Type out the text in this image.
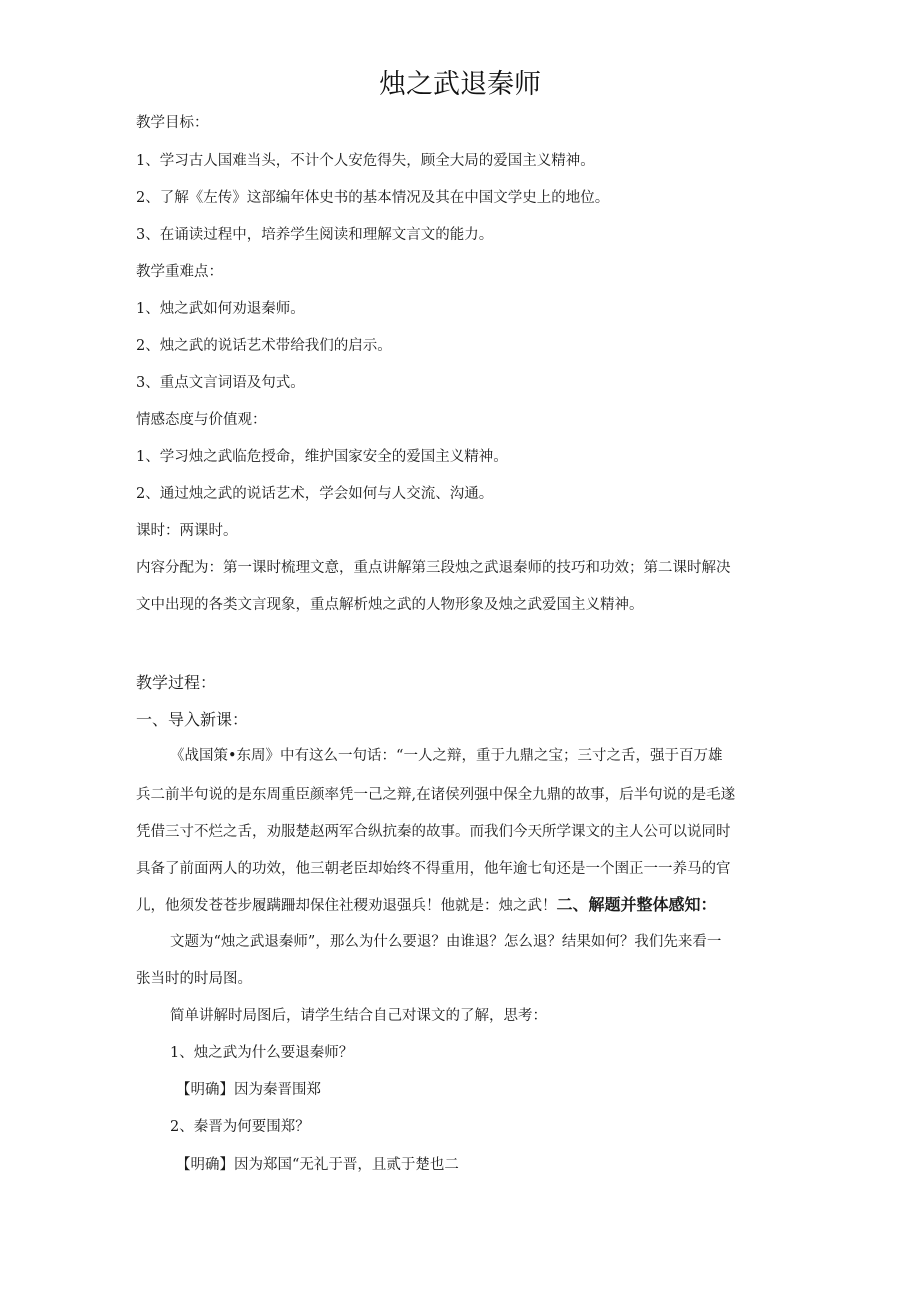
烛之武退秦师
教学目标：
1、学习古人国难当头，不计个人安危得失，顾全大局的爱国主义精神。
2、了解《左传》这部编年体史书的基本情况及其在中国文学史上的地位。
3、在诵读过程中，培养学生阅读和理解文言文的能力。
教学重难点：
1、烛之武如何劝退秦师。
2、烛之武的说话艺术带给我们的启示。
3、重点文言词语及句式。
情感态度与价值观：
1、学习烛之武临危授命，维护国家安全的爱国主义精神。
2、通过烛之武的说话艺术，学会如何与人交流、沟通。
课时：两课时。
内容分配为：第一课时梳理文意，重点讲解第三段烛之武退秦师的技巧和功效；第二课时解决
文中出现的各类文言现象，重点解析烛之武的人物形象及烛之武爱国主义精神。
教学过程：
一、导入新课：
《战国策•东周》中有这么一句话：“一人之辩，重于九鼎之宝；三寸之舌，强于百万雄
兵二前半句说的是东周重臣颜率凭一己之辩,在诸侯列强中保全九鼎的故事，后半句说的是毛遂
凭借三寸不烂之舌，劝服楚赵两军合纵抗秦的故事。而我们今天所学课文的主人公可以说同时
具备了前面两人的功效，他三朝老臣却始终不得重用，他年逾七旬还是一个圉正一一养马的官
儿，他须发苍苍步履蹒跚却保住社稷劝退强兵！他就是：烛之武！二、解题并整体感知：
文题为“烛之武退秦师”，那么为什么要退？由谁退？怎么退？结果如何？我们先来看一
张当时的时局图。
简单讲解时局图后，请学生结合自己对课文的了解，思考：
1、烛之武为什么要退秦师？
【明确】因为秦晋围郑
2、秦晋为何要围郑？
【明确】因为郑国“无礼于晋，且贰于楚也二
